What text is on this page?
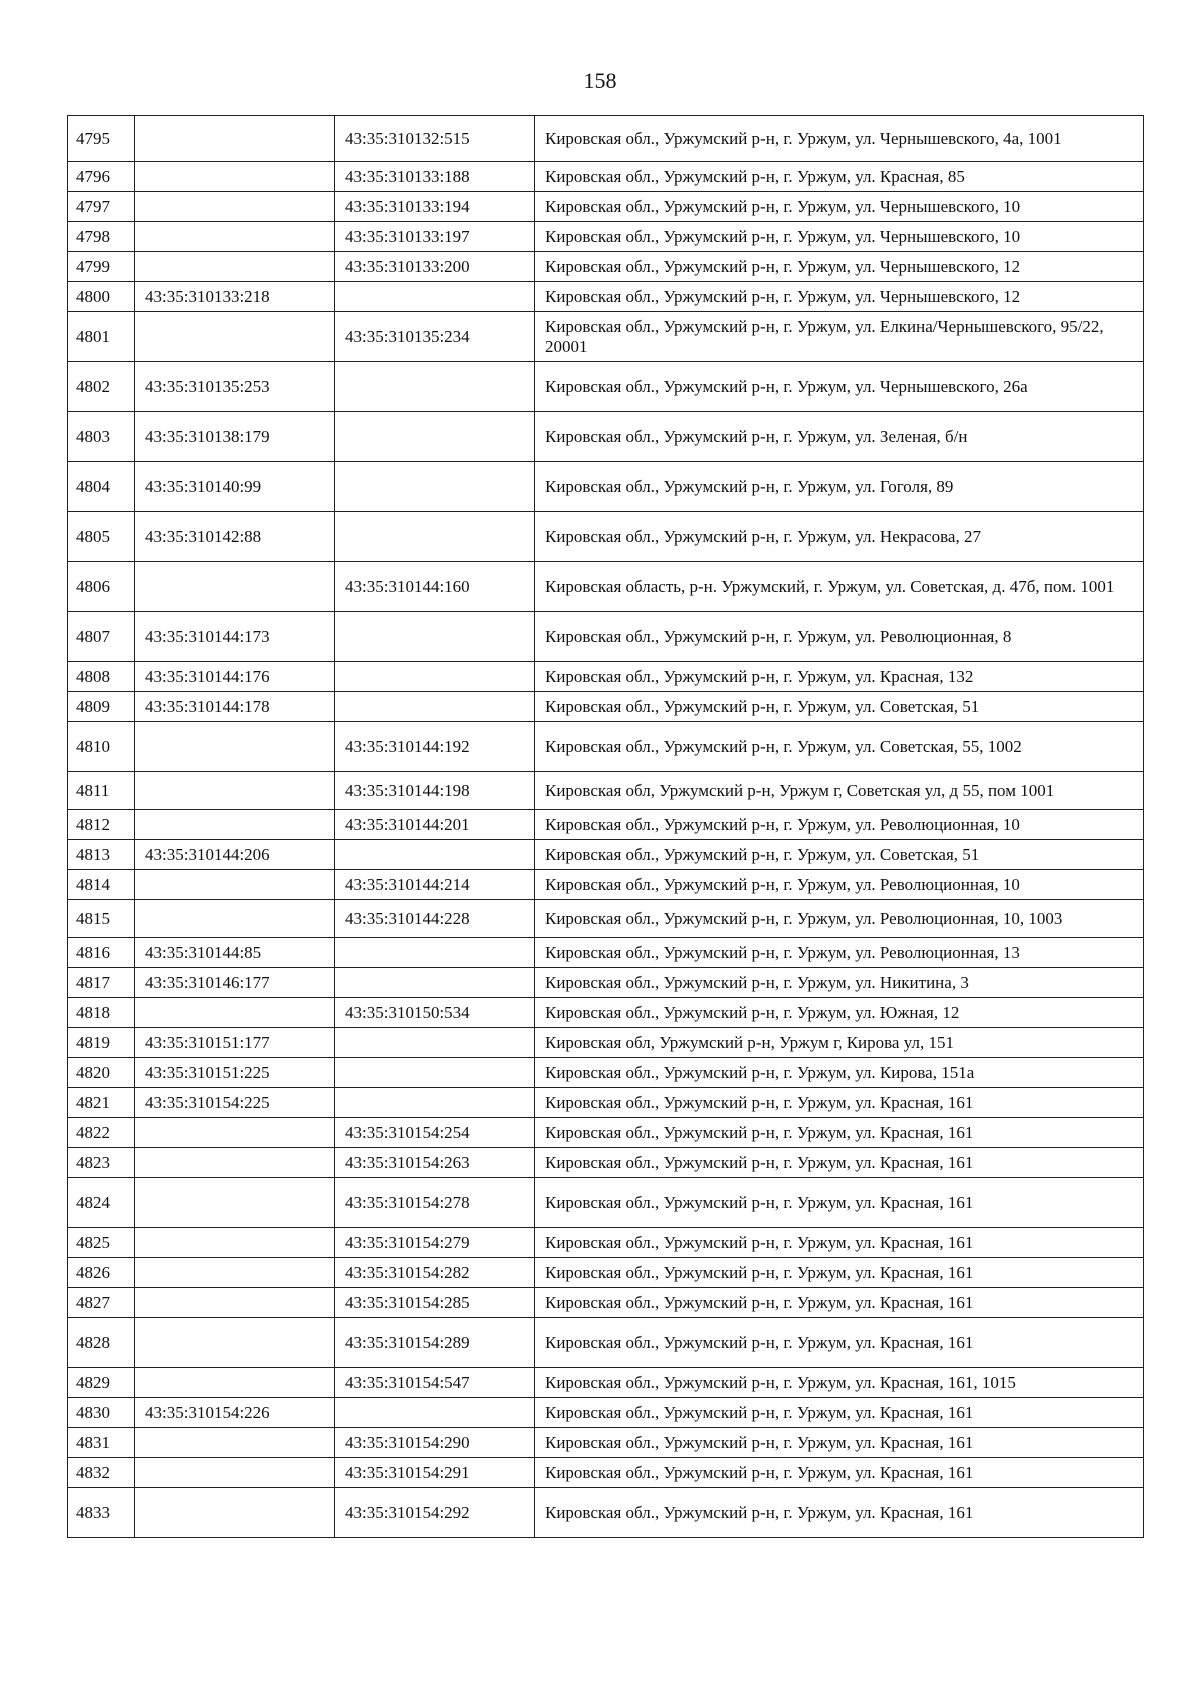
158
4795		43:35:310132:515	Кировская обл., Уржумский р-н, г. Уржум, ул. Чернышевского, 4а, 1001
4796		43:35:310133:188	Кировская обл., Уржумский р-н, г. Уржум, ул. Красная, 85
4797		43:35:310133:194	Кировская обл., Уржумский р-н, г. Уржум, ул. Чернышевского, 10
4798		43:35:310133:197	Кировская обл., Уржумский р-н, г. Уржум, ул. Чернышевского, 10
4799		43:35:310133:200	Кировская обл., Уржумский р-н, г. Уржум, ул. Чернышевского, 12
4800	43:35:310133:218		Кировская обл., Уржумский р-н, г. Уржум, ул. Чернышевского, 12
4801		43:35:310135:234	Кировская обл., Уржумский р-н, г. Уржум, ул. Елкина/Чернышевского, 95/22, 20001
4802	43:35:310135:253		Кировская обл., Уржумский р-н, г. Уржум, ул. Чернышевского, 26а
4803	43:35:310138:179		Кировская обл., Уржумский р-н, г. Уржум, ул. Зеленая, б/н
4804	43:35:310140:99		Кировская обл., Уржумский р-н, г. Уржум, ул. Гоголя, 89
4805	43:35:310142:88		Кировская обл., Уржумский р-н, г. Уржум, ул. Некрасова, 27
4806		43:35:310144:160	Кировская область, р-н. Уржумский, г. Уржум, ул. Советская, д. 47б, пом. 1001
4807	43:35:310144:173		Кировская обл., Уржумский р-н, г. Уржум, ул. Революционная, 8
4808	43:35:310144:176		Кировская обл., Уржумский р-н, г. Уржум, ул. Красная, 132
4809	43:35:310144:178		Кировская обл., Уржумский р-н, г. Уржум, ул. Советская, 51
4810		43:35:310144:192	Кировская обл., Уржумский р-н, г. Уржум, ул. Советская, 55, 1002
4811		43:35:310144:198	Кировская обл, Уржумский р-н, Уржум г, Советская ул, д 55, пом 1001
4812		43:35:310144:201	Кировская обл., Уржумский р-н, г. Уржум, ул. Революционная, 10
4813	43:35:310144:206		Кировская обл., Уржумский р-н, г. Уржум, ул. Советская, 51
4814		43:35:310144:214	Кировская обл., Уржумский р-н, г. Уржум, ул. Революционная, 10
4815		43:35:310144:228	Кировская обл., Уржумский р-н, г. Уржум, ул. Революционная, 10, 1003
4816	43:35:310144:85		Кировская обл., Уржумский р-н, г. Уржум, ул. Революционная, 13
4817	43:35:310146:177		Кировская обл., Уржумский р-н, г. Уржум, ул. Никитина, 3
4818		43:35:310150:534	Кировская обл., Уржумский р-н, г. Уржум, ул. Южная, 12
4819	43:35:310151:177		Кировская обл, Уржумский р-н, Уржум г, Кирова ул, 151
4820	43:35:310151:225		Кировская обл., Уржумский р-н, г. Уржум, ул. Кирова, 151а
4821	43:35:310154:225		Кировская обл., Уржумский р-н, г. Уржум, ул. Красная, 161
4822		43:35:310154:254	Кировская обл., Уржумский р-н, г. Уржум, ул. Красная, 161
4823		43:35:310154:263	Кировская обл., Уржумский р-н, г. Уржум, ул. Красная, 161
4824		43:35:310154:278	Кировская обл., Уржумский р-н, г. Уржум, ул. Красная, 161
4825		43:35:310154:279	Кировская обл., Уржумский р-н, г. Уржум, ул. Красная, 161
4826		43:35:310154:282	Кировская обл., Уржумский р-н, г. Уржум, ул. Красная, 161
4827		43:35:310154:285	Кировская обл., Уржумский р-н, г. Уржум, ул. Красная, 161
4828		43:35:310154:289	Кировская обл., Уржумский р-н, г. Уржум, ул. Красная, 161
4829		43:35:310154:547	Кировская обл., Уржумский р-н, г. Уржум, ул. Красная, 161, 1015
4830	43:35:310154:226		Кировская обл., Уржумский р-н, г. Уржум, ул. Красная, 161
4831		43:35:310154:290	Кировская обл., Уржумский р-н, г. Уржум, ул. Красная, 161
4832		43:35:310154:291	Кировская обл., Уржумский р-н, г. Уржум, ул. Красная, 161
4833		43:35:310154:292	Кировская обл., Уржумский р-н, г. Уржум, ул. Красная, 161
